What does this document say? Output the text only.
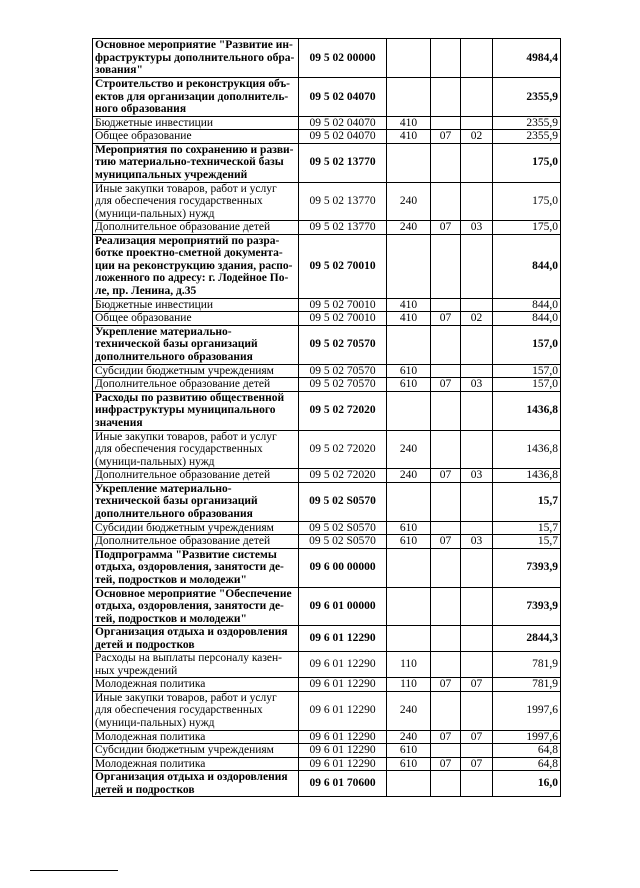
Основное мероприятие "Развитие ин-фраструктуры дополнительного обра-зования"	09 5 02 00000				4984,4
Строительство и реконструкция объ-ектов для организации дополнитель-ного образования	09 5 02 04070				2355,9
Бюджетные инвестиции	09 5 02 04070	410			2355,9
Общее образование	09 5 02 04070	410	07	02	2355,9
Мероприятия по сохранению и разви-тию материально-технической базы муниципальных учреждений	09 5 02 13770				175,0
Иные закупки товаров, работ и услуг для обеспечения государственных (муници-пальных) нужд	09 5 02 13770	240			175,0
Дополнительное образование детей	09 5 02 13770	240	07	03	175,0
Реализация мероприятий по разра-ботке проектно-сметной документа-ции на реконструкцию здания, распо-ложенного по адресу: г. Лодейное По-ле, пр. Ленина, д.35	09 5 02 70010				844,0
Бюджетные инвестиции	09 5 02 70010	410			844,0
Общее образование	09 5 02 70010	410	07	02	844,0
Укрепление материально-технической базы организаций дополнительного образования	09 5 02 70570				157,0
Субсидии бюджетным учреждениям	09 5 02 70570	610			157,0
Дополнительное образование детей	09 5 02 70570	610	07	03	157,0
Расходы по развитию общественной инфраструктуры муниципального значения	09 5 02 72020				1436,8
Иные закупки товаров, работ и услуг для обеспечения государственных (муници-пальных) нужд	09 5 02 72020	240			1436,8
Дополнительное образование детей	09 5 02 72020	240	07	03	1436,8
Укрепление материально-технической базы организаций дополнительного образования	09 5 02 S0570				15,7
Субсидии бюджетным учреждениям	09 5 02 S0570	610			15,7
Дополнительное образование детей	09 5 02 S0570	610	07	03	15,7
Подпрограмма "Развитие системы отдыха, оздоровления, занятости де-тей, подростков и молодежи"	09 6 00 00000				7393,9
Основное мероприятие "Обеспечение отдыха, оздоровления, занятости де-тей, подростков и молодежи"	09 6 01 00000				7393,9
Организация отдыха и оздоровления детей и подростков	09 6 01 12290				2844,3
Расходы на выплаты персоналу казен-ных учреждений	09 6 01 12290	110			781,9
Молодежная политика	09 6 01 12290	110	07	07	781,9
Иные закупки товаров, работ и услуг для обеспечения государственных (муници-пальных) нужд	09 6 01 12290	240			1997,6
Молодежная политика	09 6 01 12290	240	07	07	1997,6
Субсидии бюджетным учреждениям	09 6 01 12290	610			64,8
Молодежная политика	09 6 01 12290	610	07	07	64,8
Организация отдыха и оздоровления детей и подростков	09 6 01 70600				16,0
